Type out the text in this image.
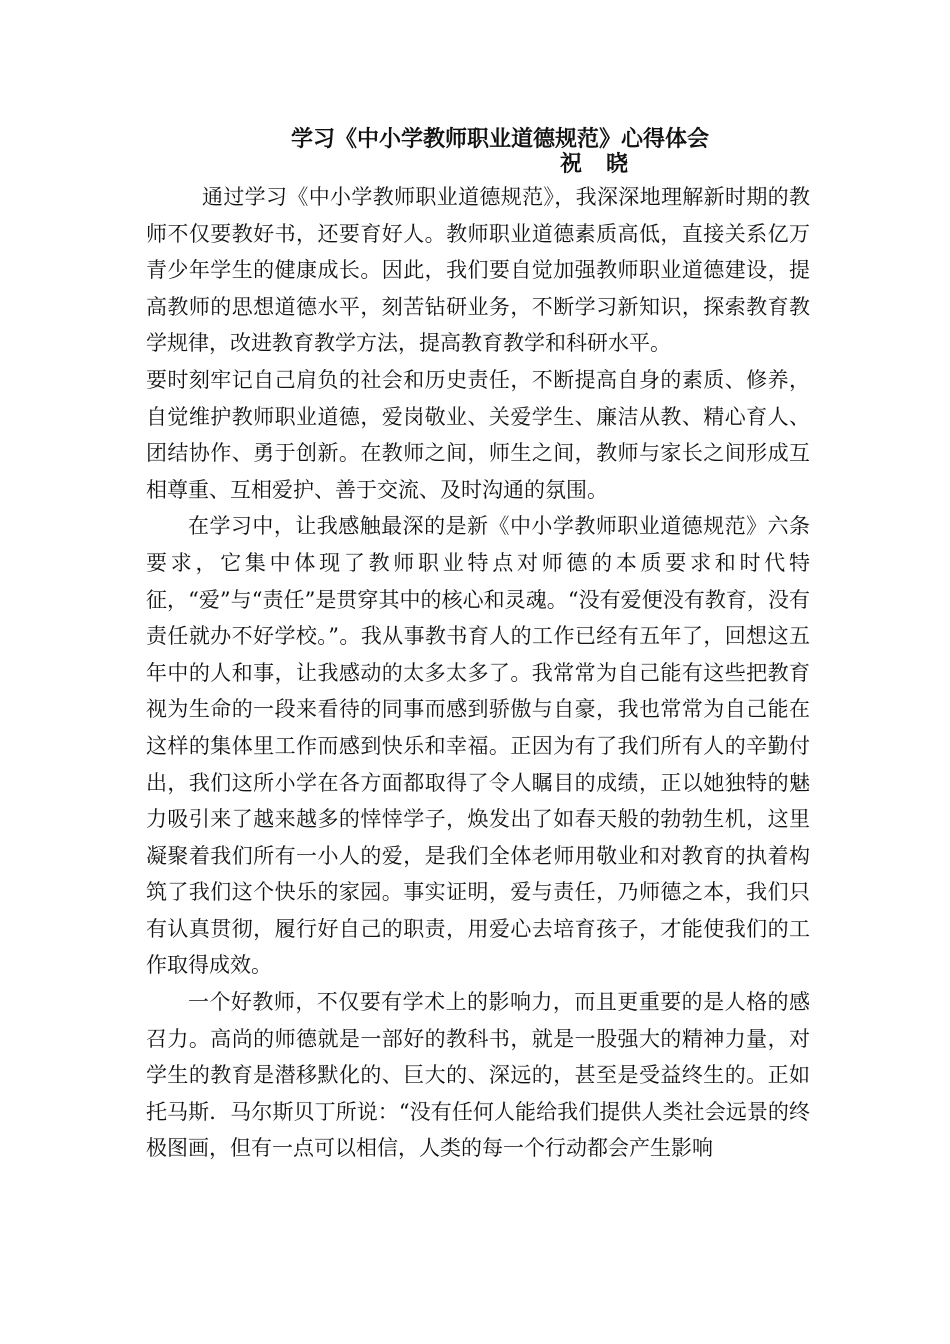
学习《中小学教师职业道德规范》心得体会
祝晓

通过学习《中小学教师职业道德规范》，我深深地理解新时期的教师不仅要教好书，还要育好人。教师职业道德素质高低，直接关系亿万青少年学生的健康成长。因此，我们要自觉加强教师职业道德建设，提高教师的思想道德水平，刻苦钻研业务，不断学习新知识，探索教育教学规律，改进教育教学方法，提高教育教学和科研水平。

要时刻牢记自己肩负的社会和历史责任，不断提高自身的素质、修养，自觉维护教师职业道德，爱岗敬业、关爱学生、廉洁从教、精心育人、团结协作、勇于创新。在教师之间，师生之间，教师与家长之间形成互相尊重、互相爱护、善于交流、及时沟通的氛围。

在学习中，让我感触最深的是新《中小学教师职业道德规范》六条要求，它集中体现了教师职业特点对师德的本质要求和时代特征，“爱”与“责任”是贯穿其中的核心和灵魂。“没有爱便没有教育，没有责任就办不好学校。”。我从事教书育人的工作已经有五年了，回想这五年中的人和事，让我感动的太多太多了。我常常为自己能有这些把教育视为生命的一段来看待的同事而感到骄傲与自豪，我也常常为自己能在这样的集体里工作而感到快乐和幸福。正因为有了我们所有人的辛勤付出，我们这所小学在各方面都取得了令人瞩目的成绩，正以她独特的魅力吸引来了越来越多的悻悻学子，焕发出了如春天般的勃勃生机，这里凝聚着我们所有一小人的爱，是我们全体老师用敬业和对教育的执着构筑了我们这个快乐的家园。事实证明，爱与责任，乃师德之本，我们只有认真贯彻，履行好自己的职责，用爱心去培育孩子，才能使我们的工作取得成效。

一个好教师，不仅要有学术上的影响力，而且更重要的是人格的感召力。高尚的师德就是一部好的教科书，就是一股强大的精神力量，对学生的教育是潜移默化的、巨大的、深远的，甚至是受益终生的。正如托马斯．马尔斯贝丁所说：“没有任何人能给我们提供人类社会远景的终极图画，但有一点可以相信，人类的每一个行动都会产生影响
